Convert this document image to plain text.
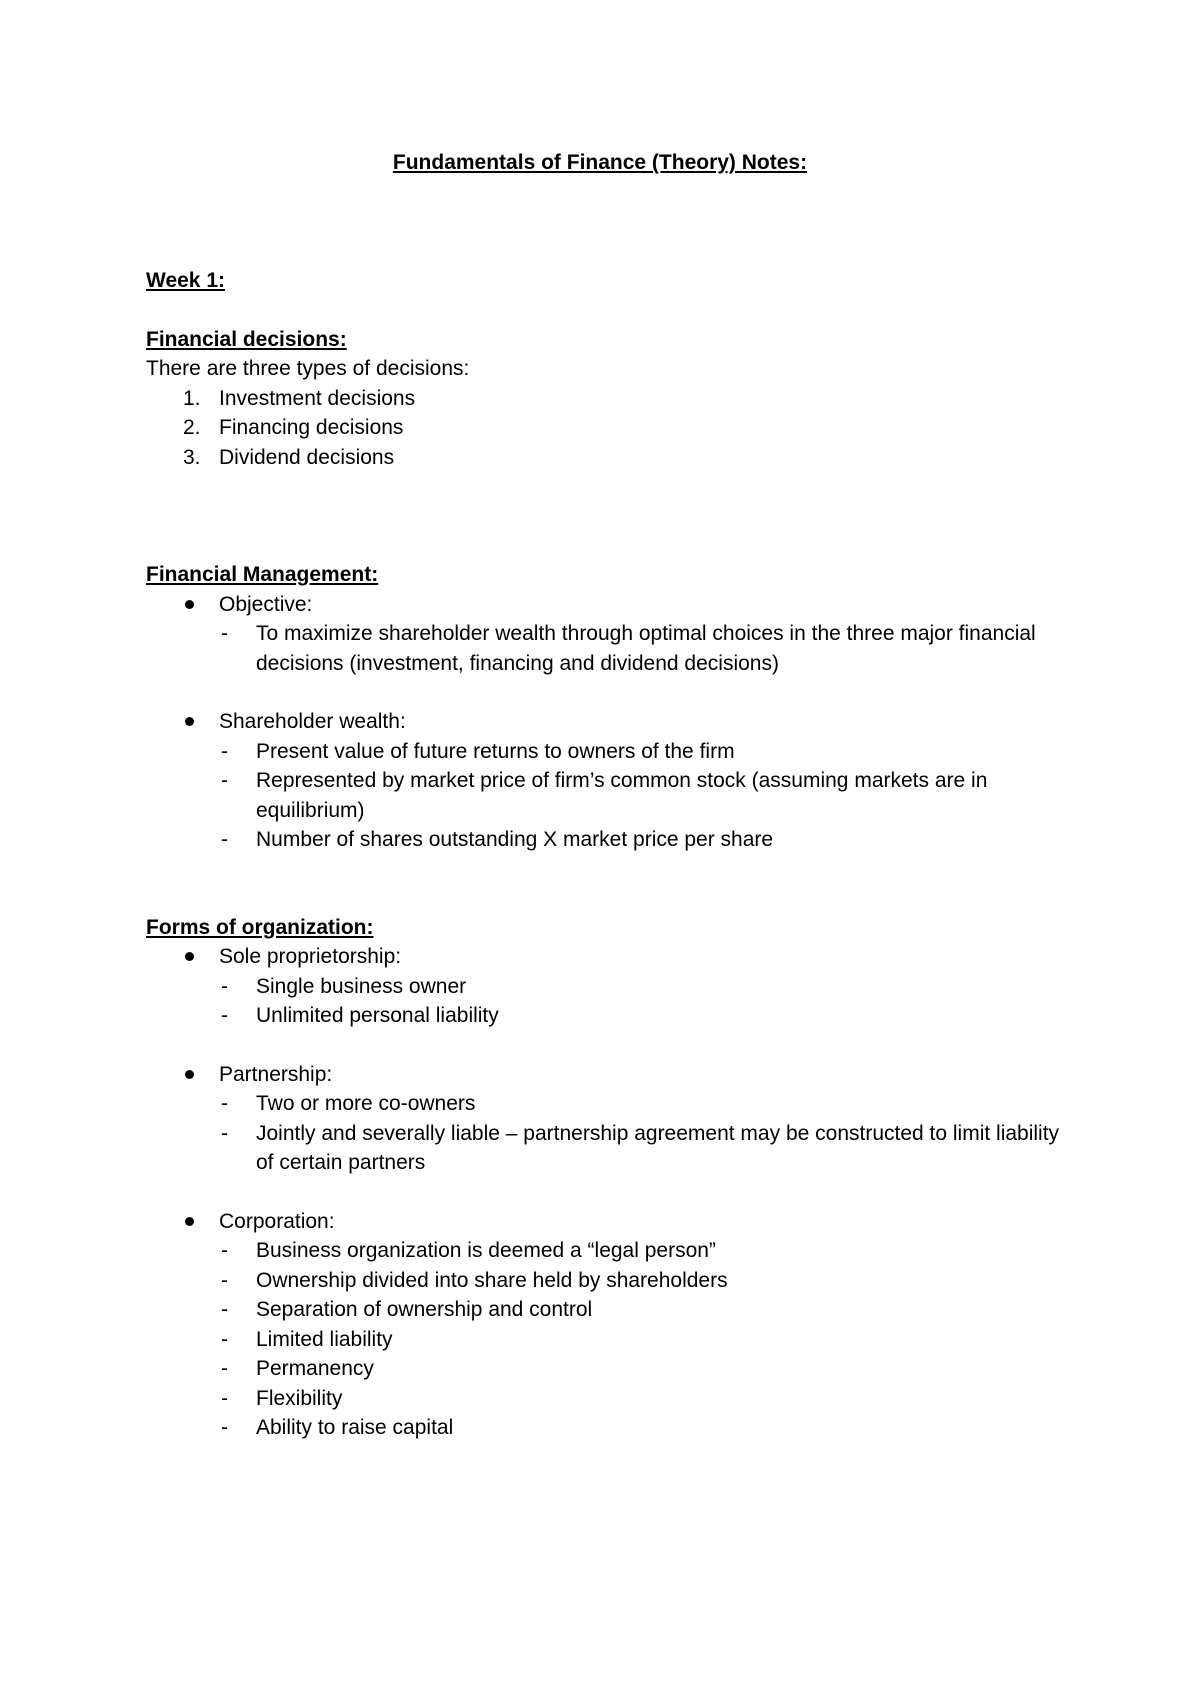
Fundamentals of Finance (Theory) Notes:
Week 1:
Financial decisions:
There are three types of decisions:
1. Investment decisions
2. Financing decisions
3. Dividend decisions
Financial Management:
Objective:
- To maximize shareholder wealth through optimal choices in the three major financial decisions (investment, financing and dividend decisions)
Shareholder wealth:
- Present value of future returns to owners of the firm
- Represented by market price of firm’s common stock (assuming markets are in equilibrium)
- Number of shares outstanding X market price per share
Forms of organization:
Sole proprietorship:
- Single business owner
- Unlimited personal liability
Partnership:
- Two or more co-owners
- Jointly and severally liable – partnership agreement may be constructed to limit liability of certain partners
Corporation:
- Business organization is deemed a “legal person”
- Ownership divided into share held by shareholders
- Separation of ownership and control
- Limited liability
- Permanency
- Flexibility
- Ability to raise capital
